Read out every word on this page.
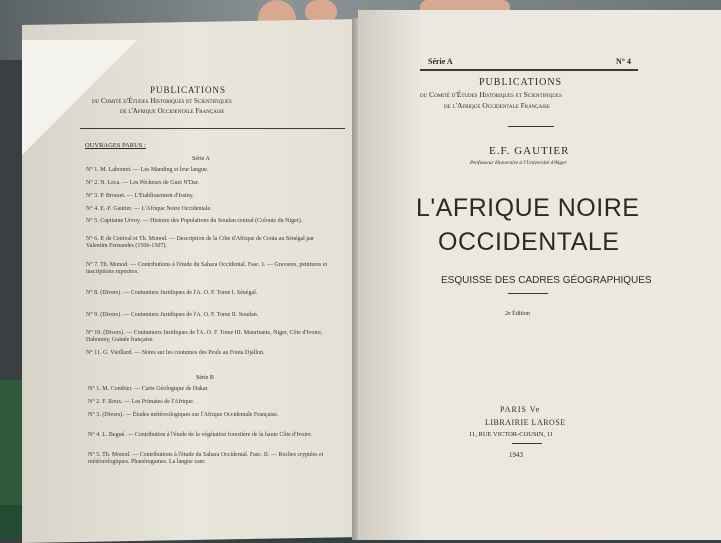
PUBLICATIONS
du Comité d'Études Historiques et Scientifiques
de l'Afrique Occidentale Française
OUVRAGES PARUS :
Série A
N° 1. M. Labouret. — Les Manding et leur langue.
N° 2. N. Leca. — Les Pêcheurs de Guet N'Dar.
N° 3. P. Brosset. — L'Établissement d'Issiny.
N° 4. E.-F. Gautier. — L'Afrique Noire Occidentale.
N° 5. Capitaine Urvoy. — Histoire des Populations du Soudan central (Colonie du Niger).
N° 6. P. de Cenival et Th. Monod. — Description de la Côte d'Afrique de Ceuta au Sénégal par Valentim Fernandes (1506-1507).
N° 7. Th. Monod. — Contributions à l'étude du Sahara Occidental. Fasc. I. — Gravures, peintures et inscriptions rupestres.
N° 8. (Divers). — Coutumiers Juridiques de l'A. O. F. Tome I. Sénégal.
N° 9. (Divers). — Coutumiers Juridiques de l'A. O. F. Tome II. Soudan.
N° 10. (Divers). — Coutumiers Juridiques de l'A. O. F. Tome III. Mauritanie, Niger, Côte d'Ivoire, Dahomey, Guinée française.
N° 11. G. Vieillard. — Notes sur les coutumes des Peuls au Fouta Djallon.
Série B
N° 1. M. Combier. — Carte Géologique de Dakar.
N° 2. F. Roux. — Les Primates de l'Afrique.
N° 3. (Divers). — Études météorologiques sur l'Afrique Occidentale Française.
N° 4. L. Begué. — Contribution à l'étude de la végétation forestière de la haute Côte d'Ivoire.
N° 5. Th. Monod. — Contributions à l'étude du Sahara Occidental. Fasc. II. — Roches cryptées et météorologiques. Phanérogames. La langue zaer.
Série A	N° 4
PUBLICATIONS
du Comité d'Études Historiques et Scientifiques
de l'Afrique Occidentale Française
E.F. GAUTIER
Professeur Honoraire à l'Université d'Alger
L'AFRIQUE NOIRE
OCCIDENTALE
ESQUISSE DES CADRES GÉOGRAPHIQUES
2e Édition
PARIS Ve
LIBRAIRIE LAROSE
11, RUE VICTOR-COUSIN, 11
1943
